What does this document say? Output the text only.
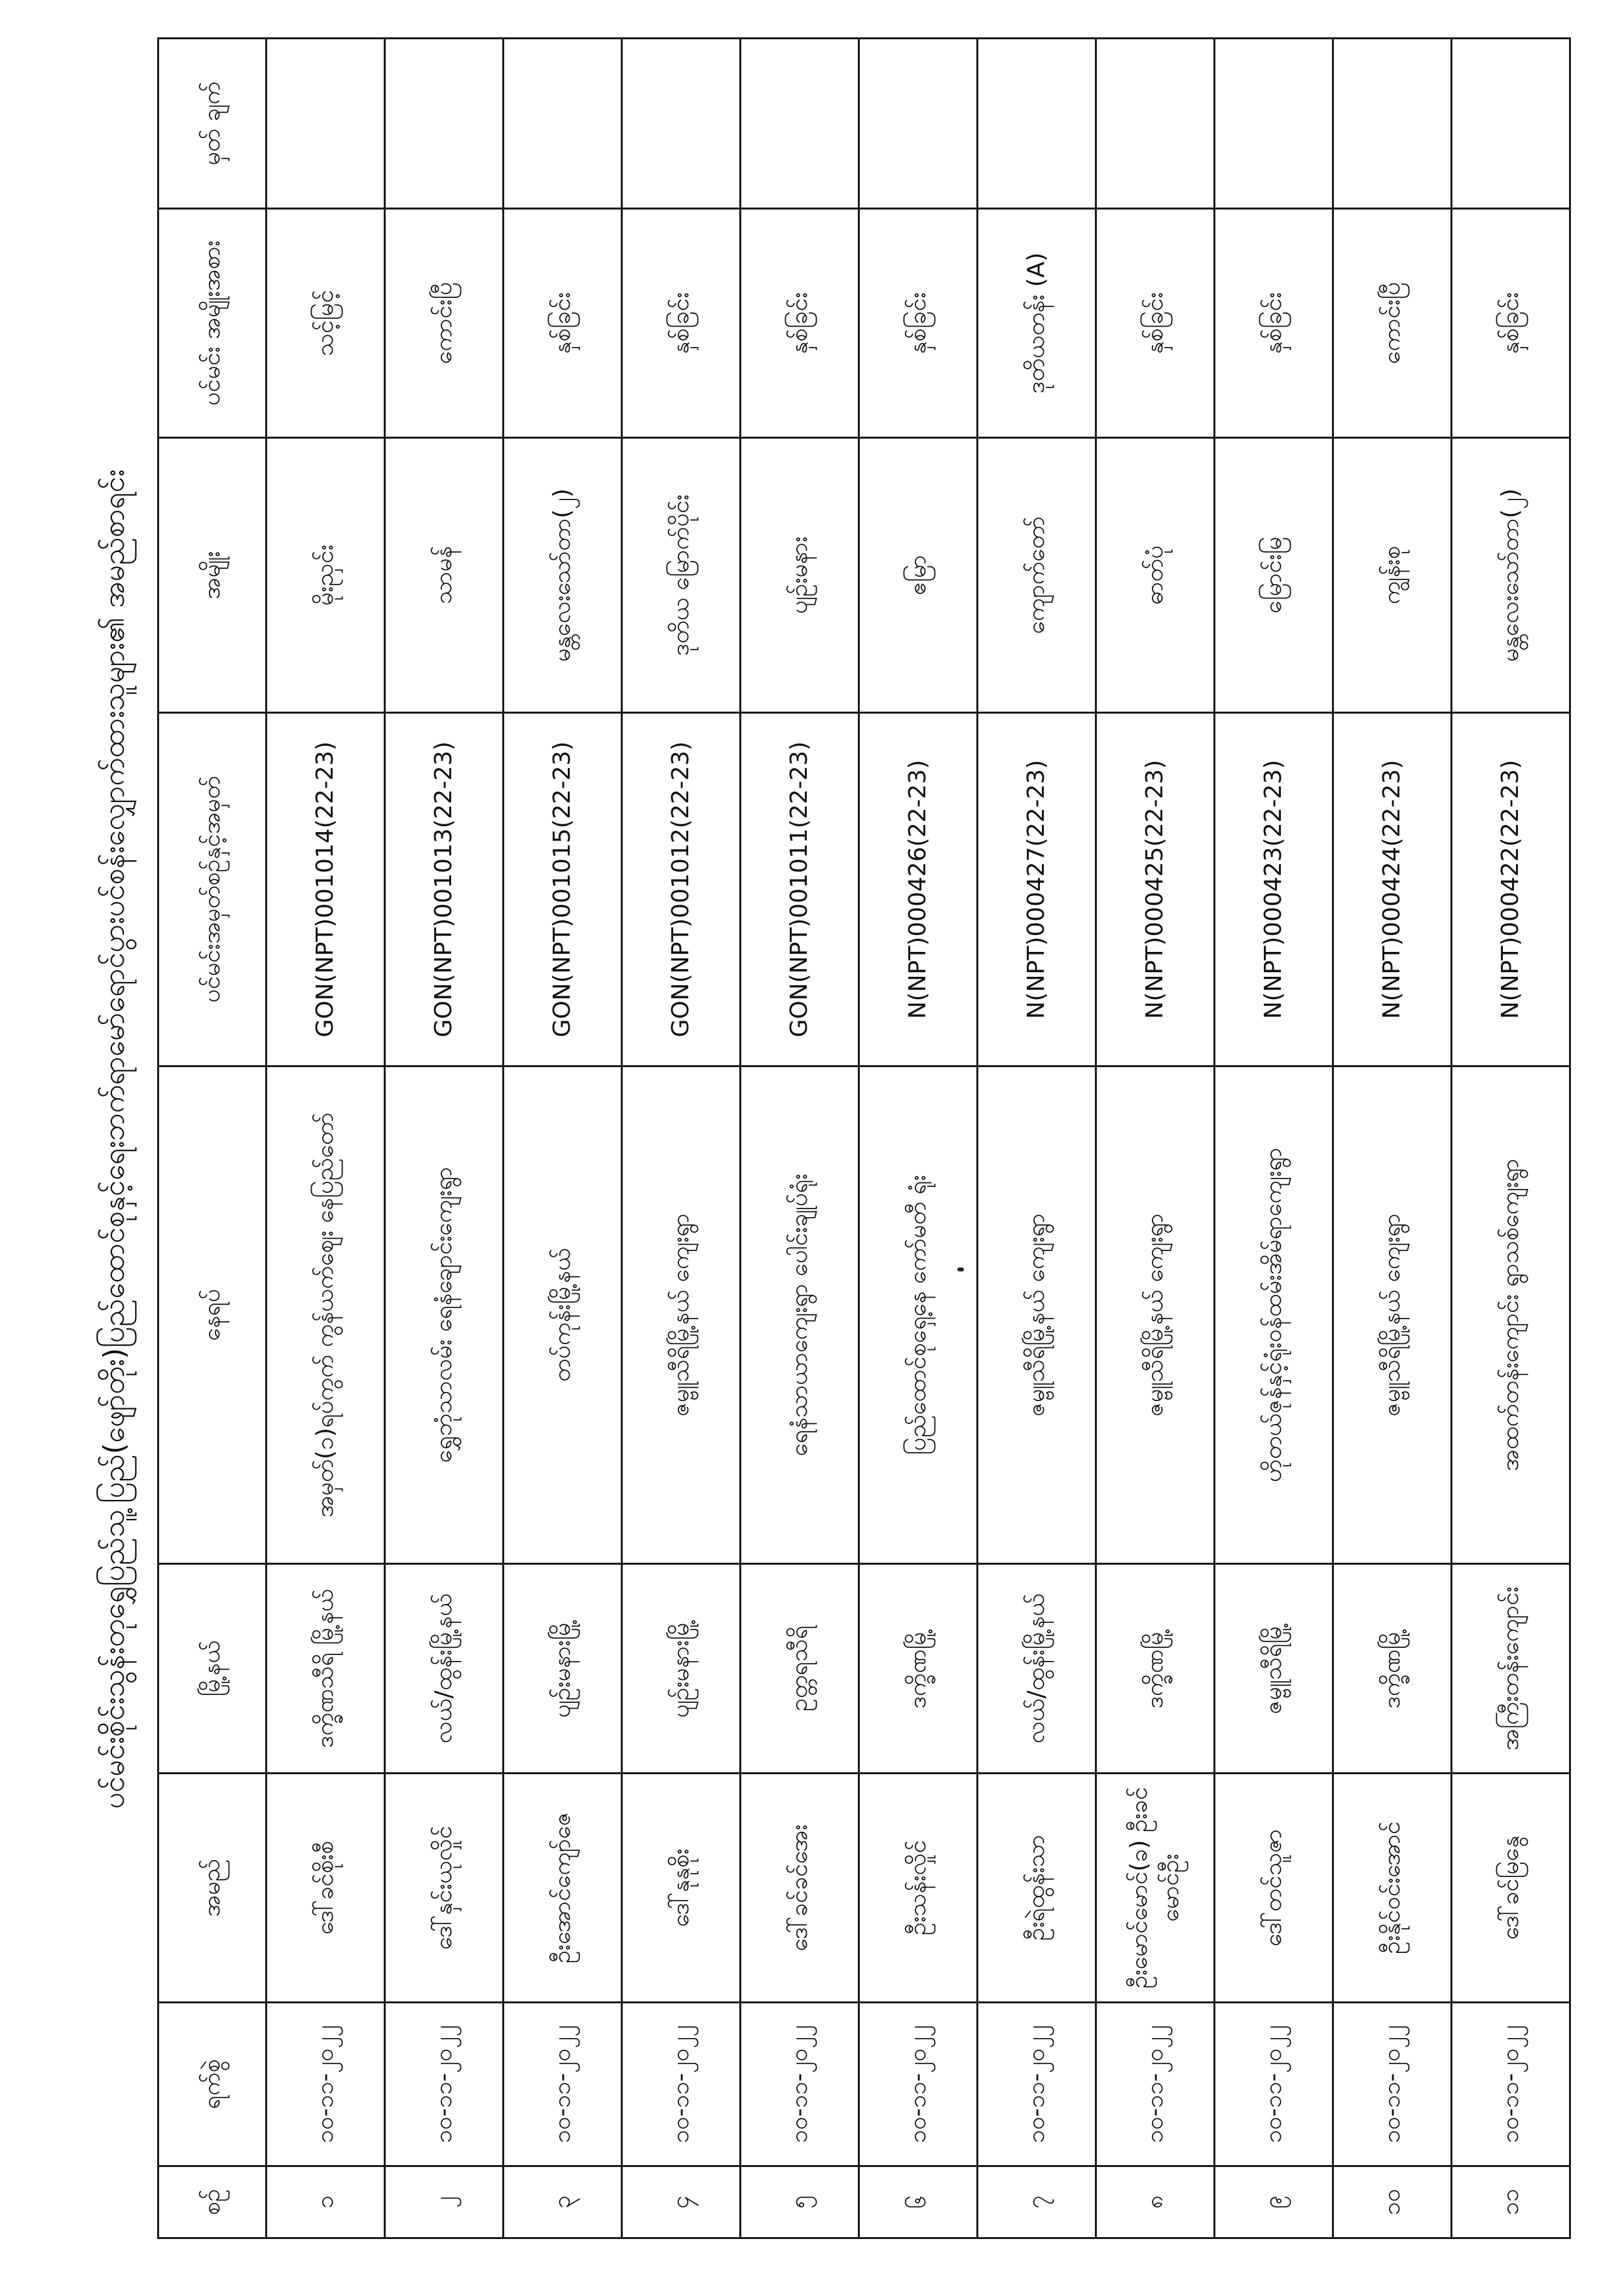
ပင်မင်းစိုင်းသွန်းတုရွှေပြည်သူ့ပြည်(ဖျော်တိုး)ပြည်ထောင်စုနှင့်ရေးဘက်ရာမော်ရောင်ပွားပင်စန်းလျှောက်ထားသူများ၏ အမည်စာရင်း
စဉ်	ရက်စွဲ	အမည်	မြို့နယ်	နေရပ်	ပင်မင်းအမှတ်စဉ်နှင့်အမှတ်	အမျိုး	ပင်မင်း အမျိုးအစား	မှတ် ချက်
၁	၁၀-၁၁-၂၀၂၂	ဒေါ်ခင်စိုးစီ	ဒက္ခိဏသီရိ မြို့နယ်	အမှတ်(၁)ရပ်ကွက် ကွန်ယက်ဈေး နေပြည်တော်	GON(NPT)001014(22-23)	မိုးညှင်း	သင့်မြင့်	
၂	၁၀-၁၁-၂၀၂၂	ဒေါ်နှင်းယုလှိုင်	လယ်/ထွန်းမြို့နယ်	ရွှေဘုံသာလမ်း ရေနံချောင်းကျေးရွာ	GON(NPT)001013(22-23)	သာမန်	ကောင်းပြီ	
၃	၁၀-၁၁-၂၀၂၂	ဦးအောင်ကျော်ဇေ	ပျဉ်းမနားမြို့	တပ်ကုန်းမြို့နယ်	GON(NPT)001015(22-23)	မန္တလေးသော်တာ(၂)	နှစ်ခြင်း	
၄	၁၀-၁၁-၂၀၂၂	ဒေါ်နုနုစိုး	ပျဉ်းမနားမြို့	ဇမ္ဗူသီရိမြို့နယ် ကျေးရွာ	GON(NPT)001012(22-23)	ဒုတိယ မြောက်ပိုင်း	နှစ်ခြင်း	
၅	၁၀-၁၁-၂၀၂၂	ဒေါ်ခင်ခင်အေး	ဥတ္တရသီရိ	ရေနံသာယာကျေးရွာ ပေါင်းချုပ်ရုံး	GON(NPT)001011(22-23)	ပျဉ်းမနား	နှစ်ခြင်း	
၆	၁၀-၁၁-၂၀၂၂	ဦးသန်းလှိုင်	ဒက္ခိဏမြို့	ပြည်ထောင်စုရှေ့နေ ကော်မတီ ရုံး	N(NPT)000426(22-23)	ဧမြာ	နှစ်ခြင်း	
၇	၁၀-၁၁-၂၀၂၂	ဦးရဲထွန်းသာ	လယ်/ထွန်းမြို့နယ်	ဇမ္ဗူသီရိမြို့နယ် ကျေးရွာ	N(NPT)000427(22-23)	ကျောက်တော်	ဒုတိယတန်း (A)	
၈	၁၀-၁၁-၂၀၂၂	ဦးမောင်မောင်(ခ) ဦးခင်မောင်ဦး	ဒက္ခိဏမြို့	ဇမ္ဗူသီရိမြို့နယ် ကျေးရွာ	N(NPT)000425(22-23)	ဓာတ်ပုံ	နှစ်ခြင်း	
၉	၁၀-၁၁-၂၀၂၂	ဒေါ်တင်သူဇာ	ဇမ္ဗူသီရိမြို့	ဟိုတယ်ဇုန်နှင့်ရုံးဝန်ထမ်းအိမ်ရာကျေးရွာ	N(NPT)000423(22-23)	မြောင်းမြ	နှစ်ခြင်း	
၁၀	၁၀-၁၁-၂၀၂၂	ဦးနိုင်ဝင်းအောင်	ဒက္ခိဏမြို့	ဇမ္ဗူသီရိမြို့နယ် ကျေးရွာ	N(NPT)000424(22-23)	ကျွန်းစု	ကောင်းပြီ	
၁၁	၁၀-၁၁-၂၀၂၂	ဒေါ်ခင်မြနွေ	အကြီးတန်းကျောင်း	အထက်တန်းကျောင်း ရွာသစ်ကျေးရွာ	N(NPT)000422(22-23)	မန္တလေးသော်တာ(၂)	နှစ်ခြင်း	
